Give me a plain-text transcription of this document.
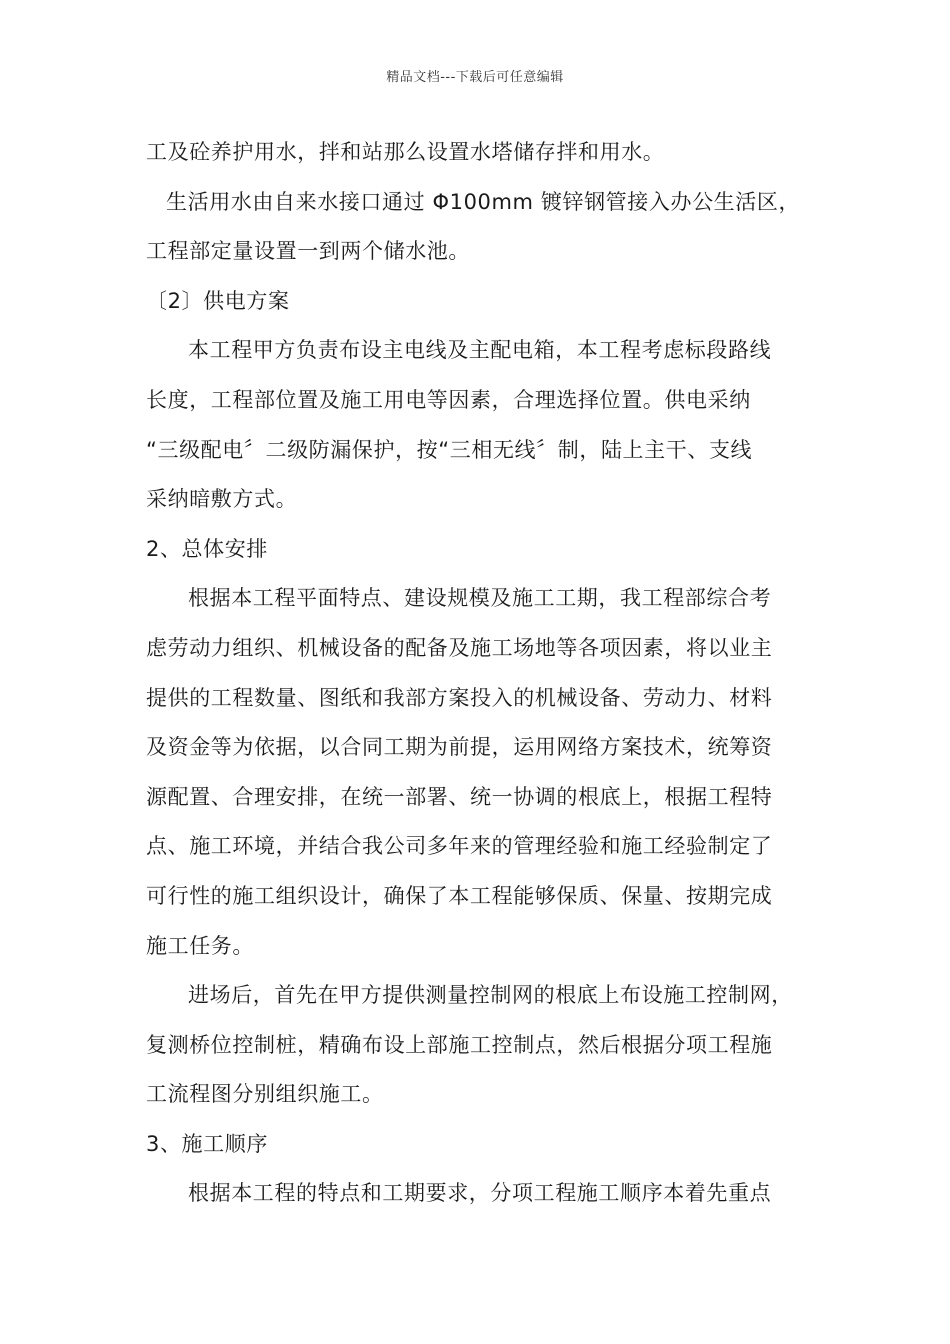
精品文档---下载后可任意编辑
工及砼养护用水，拌和站那么设置水塔储存拌和用水。
生活用水由自来水接口通过 Φ100mm 镀锌钢管接入办公生活区，
工程部定量设置一到两个储水池。
〔2〕供电方案
本工程甲方负责布设主电线及主配电箱，本工程考虑标段路线
长度，工程部位置及施工用电等因素，合理选择位置。供电采纳
“三级配电〞二级防漏保护，按“三相无线〞制，陆上主干、支线
采纳暗敷方式。
2、总体安排
根据本工程平面特点、建设规模及施工工期，我工程部综合考
虑劳动力组织、机械设备的配备及施工场地等各项因素，将以业主
提供的工程数量、图纸和我部方案投入的机械设备、劳动力、材料
及资金等为依据，以合同工期为前提，运用网络方案技术，统筹资
源配置、合理安排，在统一部署、统一协调的根底上，根据工程特
点、施工环境，并结合我公司多年来的管理经验和施工经验制定了
可行性的施工组织设计，确保了本工程能够保质、保量、按期完成
施工任务。
进场后，首先在甲方提供测量控制网的根底上布设施工控制网，
复测桥位控制桩，精确布设上部施工控制点，然后根据分项工程施
工流程图分别组织施工。
3、施工顺序
根据本工程的特点和工期要求，分项工程施工顺序本着先重点
